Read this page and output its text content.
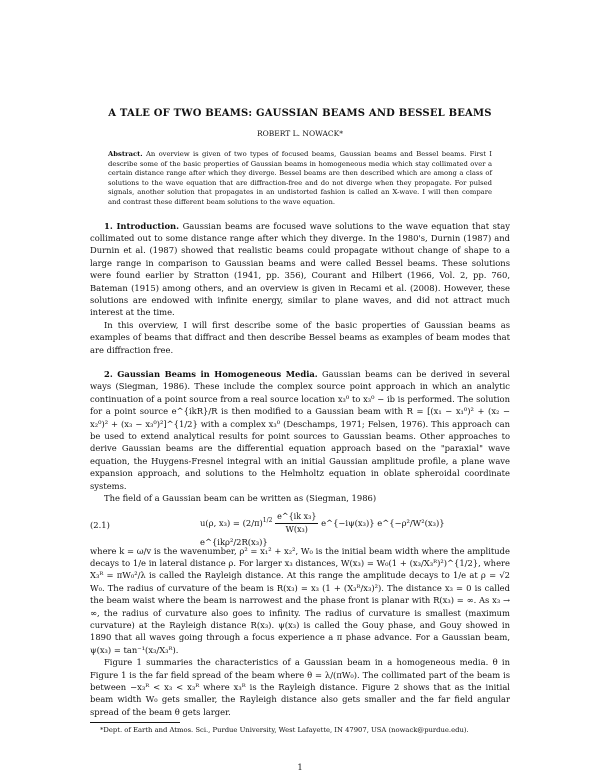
A TALE OF TWO BEAMS: GAUSSIAN BEAMS AND BESSEL BEAMS
ROBERT L. NOWACK*
Abstract. An overview is given of two types of focused beams, Gaussian beams and Bessel beams. First I describe some of the basic properties of Gaussian beams in homogeneous media which stay collimated over a certain distance range after which they diverge. Bessel beams are then described which are among a class of solutions to the wave equation that are diffraction-free and do not diverge when they propagate. For pulsed signals, another solution that propagates in an undistorted fashion is called an X-wave. I will then compare and contrast these different beam solutions to the wave equation.

1. Introduction. Gaussian beams are focused wave solutions to the wave equation that stay collimated out to some distance range after which they diverge. In the 1980's, Durnin (1987) and Durnin et al. (1987) showed that realistic beams could propagate without change of shape to a large range in comparison to Gaussian beams and were called Bessel beams. These solutions were found earlier by Stratton (1941, pp. 356), Courant and Hilbert (1966, Vol. 2, pp. 760, Bateman (1915) among others, and an overview is given in Recami et al. (2008). However, these solutions are endowed with infinite energy, similar to plane waves, and did not attract much interest at the time.

In this overview, I will first describe some of the basic properties of Gaussian beams as examples of beams that diffract and then describe Bessel beams as examples of beam modes that are diffraction free.

2. Gaussian Beams in Homogeneous Media. Gaussian beams can be derived in several ways (Siegman, 1986). These include the complex source point approach in which an analytic continuation of a point source from a real source location x₃⁰ to x₃⁰ − ib is performed. The solution for a point source e^{ikR}/R is then modified to a Gaussian beam with R = [(x₁ − x₁⁰)² + (x₂ − x₂⁰)² + (x₃ − x₃⁰)²]^{1/2} with a complex x₃⁰ (Deschamps, 1971; Felsen, 1976). This approach can be used to extend analytical results for point sources to Gaussian beams. Other approaches to derive Gaussian beams are the differential equation approach based on the "paraxial" wave equation, the Huygens-Fresnel integral with an initial Gaussian amplitude profile, a plane wave expansion approach, and solutions to the Helmholtz equation in oblate spheroidal coordinate systems.

The field of a Gaussian beam can be written as (Siegman, 1986)

(2.1)	u(ρ, $x_3) = (2/\pi)^{1/2} \frac{\text{e\textasciicircum{}\{ik x₃\}}}{\text{W(x₃)}}$ e^{−iψ(x₃)} e^{−ρ²/W²(x₃)} e^{ikρ²/2R(x₃)}

where k = ω/v is the wavenumber, ρ² = x₁² + x₂², W₀ is the initial beam width where the amplitude decays to 1/e in lateral distance ρ. For larger x₃ distances, W(x₃) = W₀(1 + (x₃/X₃ᴿ)²)^{1/2}, where X₃ᴿ = πW₀²/λ is called the Rayleigh distance. At this range the amplitude decays to 1/e at ρ = √2 W₀. The radius of curvature of the beam is R(x₃) = x₃ (1 + (X₃ᴿ/x₃)²). The distance x₃ = 0 is called the beam waist where the beam is narrowest and the phase front is planar with R(x₃) = ∞. As x₃ → ∞, the radius of curvature also goes to infinity. The radius of curvature is smallest (maximum curvature) at the Rayleigh distance R(x₃). ψ(x₃) is called the Gouy phase, and Gouy showed in 1890 that all waves going through a focus experience a π phase advance. For a Gaussian beam, ψ(x₃) = tan⁻¹(x₃/X₃ᴿ).

Figure 1 summaries the characteristics of a Gaussian beam in a homogeneous media. θ in Figure 1 is the far field spread of the beam where θ = λ/(πW₀). The collimated part of the beam is between −x₃ᴿ < x₃ < x₃ᴿ where x₃ᴿ is the Rayleigh distance. Figure 2 shows that as the initial beam width W₀ gets smaller, the Rayleigh distance also gets smaller and the far field angular spread of the beam θ gets larger.

*Dept. of Earth and Atmos. Sci., Purdue University, West Lafayette, IN 47907, USA (nowack@purdue.edu).
1
